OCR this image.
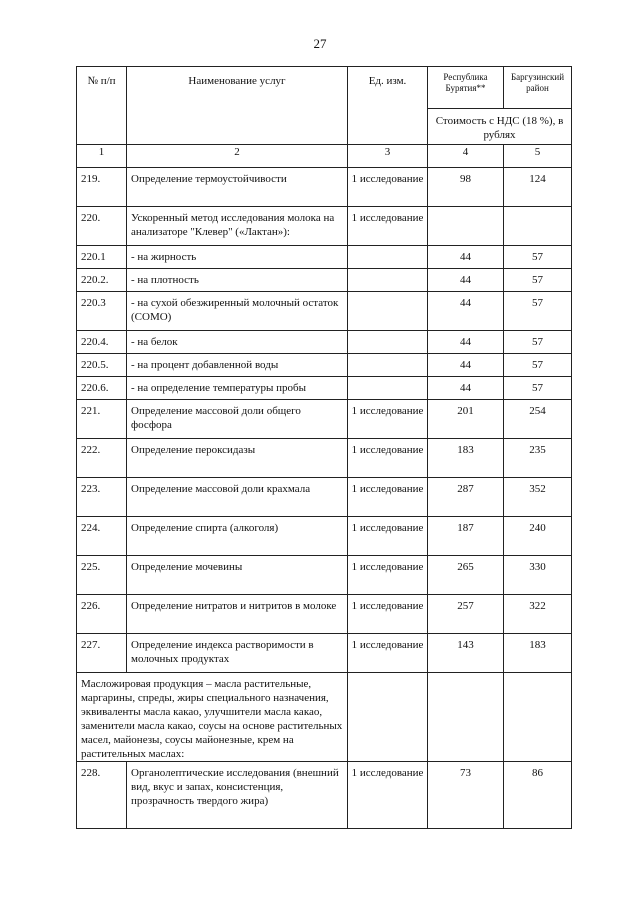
27
№ п/п	Наименование услуг	Ед. изм.	Республика Бурятия**	Баргузинский район
			Стоимость с НДС (18 %), в рублях	
1	2	3	4	5
219.	Определение термоустойчивости	1 исследование	98	124
220.	Ускоренный метод исследования молока на анализаторе "Клевер" («Лактан»):	1 исследование		
220.1	- на жирность		44	57
220.2.	- на плотность		44	57
220.3	- на сухой обезжиренный молочный остаток (СОМО)		44	57
220.4.	- на белок		44	57
220.5.	- на процент добавленной воды		44	57
220.6.	- на определение температуры пробы		44	57
221.	Определение массовой доли общего фосфора	1 исследование	201	254
222.	Определение пероксидазы	1 исследование	183	235
223.	Определение массовой доли крахмала	1 исследование	287	352
224.	Определение спирта (алкоголя)	1 исследование	187	240
225.	Определение мочевины	1 исследование	265	330
226.	Определение нитратов и нитритов в молоке	1 исследование	257	322
227.	Определение индекса растворимости в молочных продуктах	1 исследование	143	183
Масложировая продукция – масла растительные, маргарины, спреды, жиры специального назначения, эквиваленты масла какао, улучшители масла какао, заменители масла какао, соусы на основе растительных масел, майонезы, соусы майонезные, крем на растительных маслах:				
228.	Органолептические исследования (внешний вид, вкус и запах, консистенция, прозрачность твердого жира)	1 исследование	73	86
